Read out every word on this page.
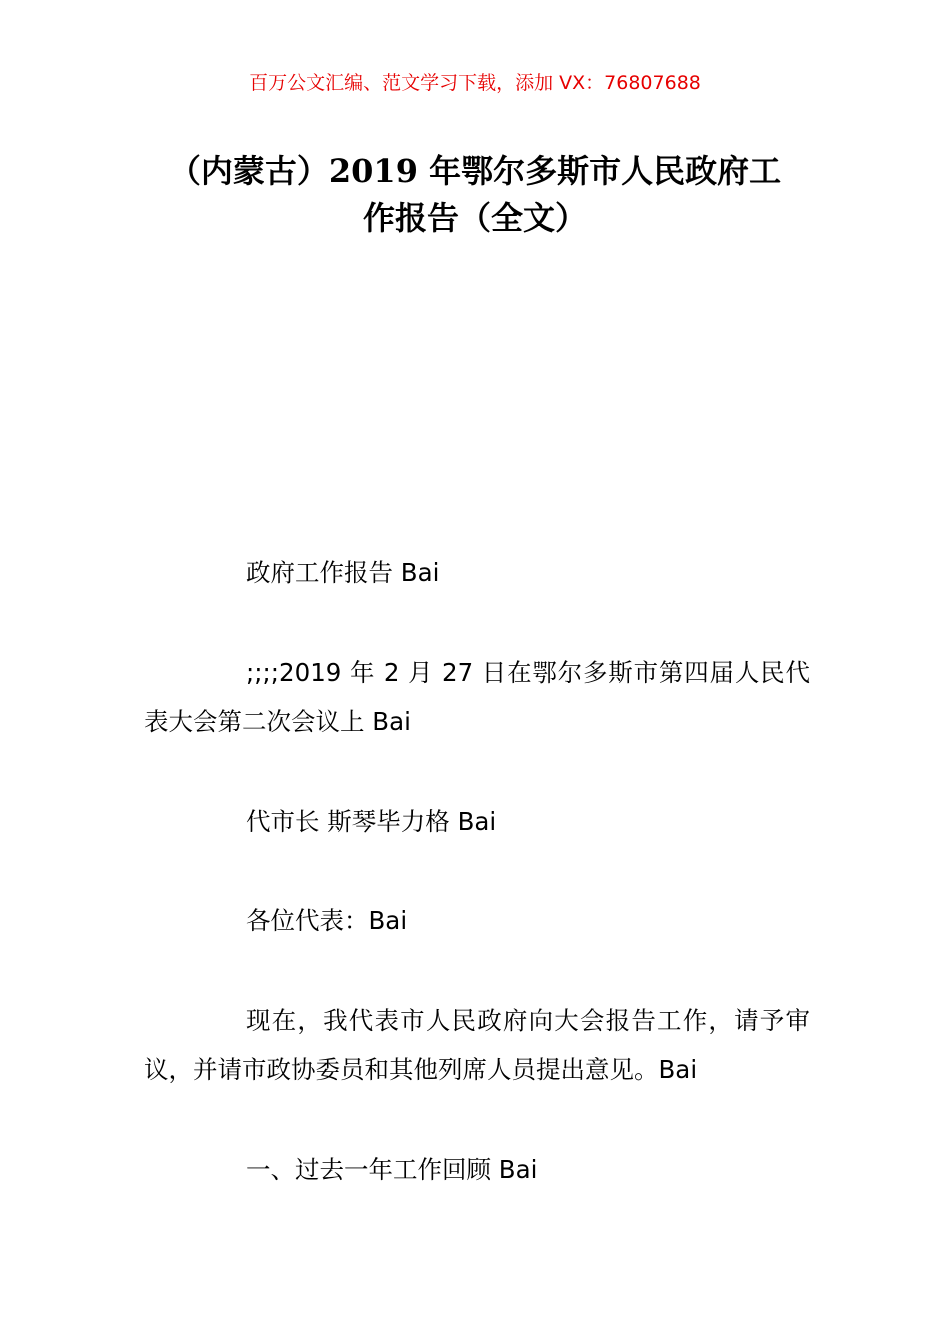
百万公文汇编、范文学习下载，添加 VX：76807688
（内蒙古）2019 年鄂尔多斯市人民政府工
作报告（全文）
政府工作报告 Bai
;;;;2019 年 2 月 27 日在鄂尔多斯市第四届人民代表大会第二次会议上 Bai
代市长 斯琴毕力格 Bai
各位代表：Bai
现在，我代表市人民政府向大会报告工作，请予审议，并请市政协委员和其他列席人员提出意见。Bai
一、过去一年工作回顾 Bai
